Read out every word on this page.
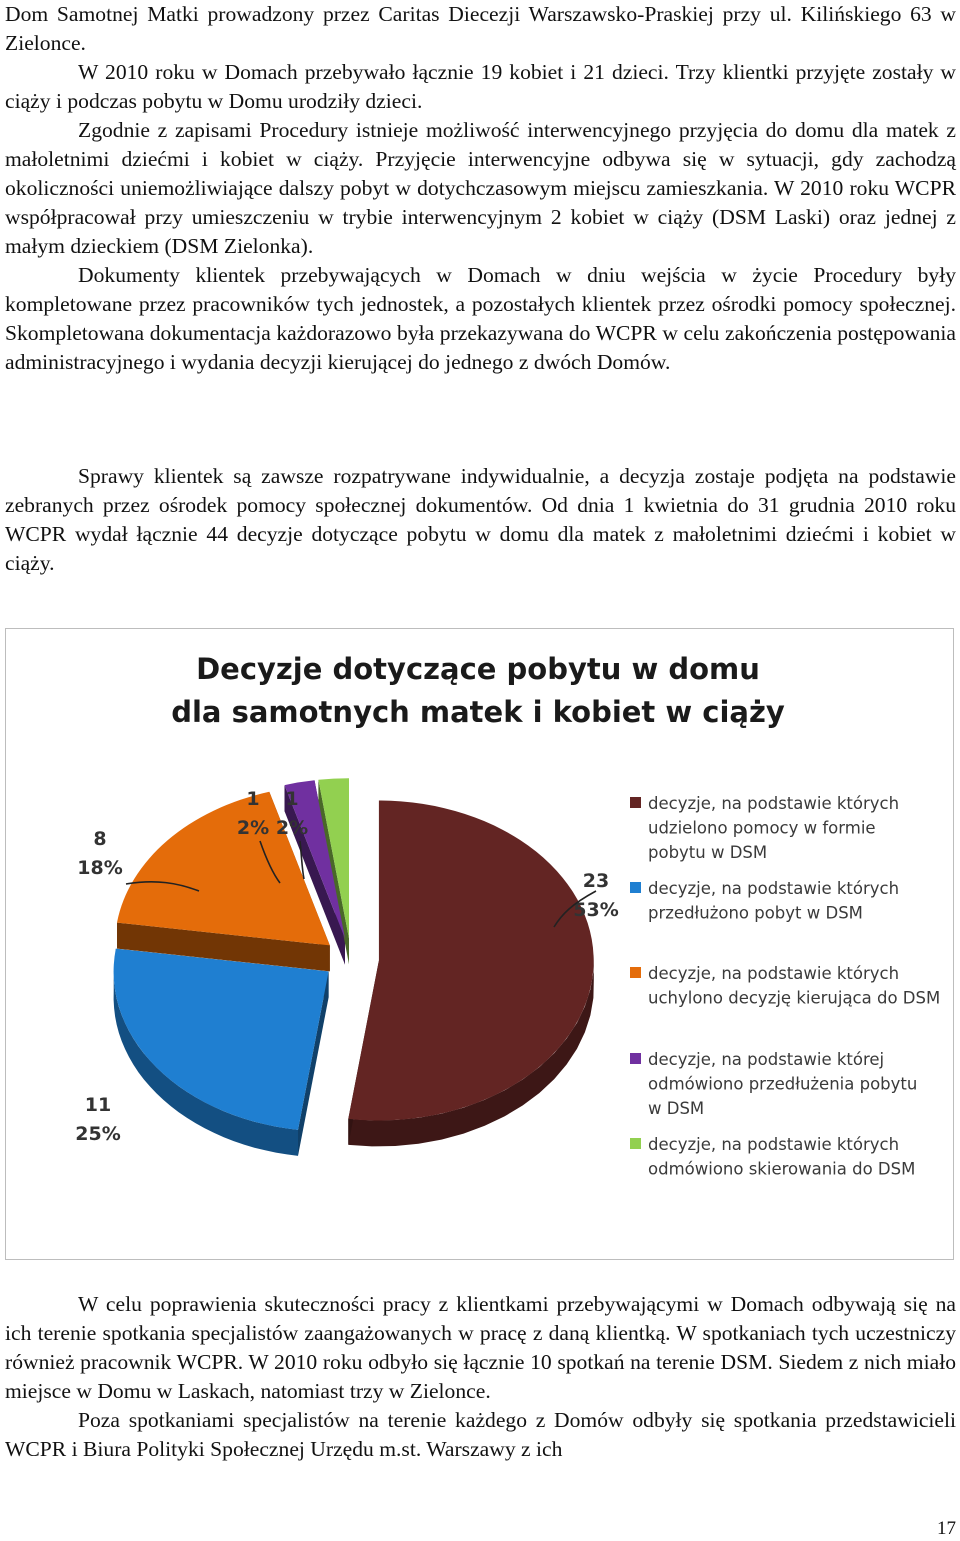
Dom Samotnej Matki prowadzony przez Caritas Diecezji Warszawsko-Praskiej przy ul. Kilińskiego 63 w Zielonce.

W 2010 roku w Domach przebywało łącznie 19 kobiet i 21 dzieci. Trzy klientki przyjęte zostały w ciąży i podczas pobytu w Domu urodziły dzieci.

Zgodnie z zapisami Procedury istnieje możliwość interwencyjnego przyjęcia do domu dla matek z małoletnimi dziećmi i kobiet w ciąży. Przyjęcie interwencyjne odbywa się w sytuacji, gdy zachodzą okoliczności uniemożliwiające dalszy pobyt w dotychczasowym miejscu zamieszkania. W 2010 roku WCPR współpracował przy umieszczeniu w trybie interwencyjnym 2 kobiet w ciąży (DSM Laski) oraz jednej z małym dzieckiem (DSM Zielonka).

Dokumenty klientek przebywających w Domach w dniu wejścia w życie Procedury były kompletowane przez pracowników tych jednostek, a pozostałych klientek przez ośrodki pomocy społecznej. Skompletowana dokumentacja każdorazowo była przekazywana do WCPR w celu zakończenia postępowania administracyjnego i wydania decyzji kierującej do jednego z dwóch Domów.

Sprawy klientek są zawsze rozpatrywane indywidualnie, a decyzja zostaje podjęta na podstawie zebranych przez ośrodek pomocy społecznej dokumentów. Od dnia 1 kwietnia do 31 grudnia 2010 roku WCPR wydał łącznie 44 decyzje dotyczące pobytu w domu dla matek z małoletnimi dziećmi i kobiet w ciąży.

W celu poprawienia skuteczności pracy z klientkami przebywającymi w Domach odbywają się na ich terenie spotkania specjalistów zaangażowanych w pracę z daną klientką. W spotkaniach tych uczestniczy również pracownik WCPR. W 2010 roku odbyło się łącznie 10 spotkań na terenie DSM. Siedem z nich miało miejsce w Domu w Laskach, natomiast trzy w Zielonce.

Poza spotkaniami specjalistów na terenie każdego z Domów odbyły się spotkania przedstawicieli WCPR i Biura Polityki Społecznej Urzędu m.st. Warszawy z ich

Decyzje dotyczące pobytu w domu
dla samotnych matek i kobiet w ciąży
23
53%
11
25%
8
18%
1
2%
1
2%
decyzje, na podstawie których
udzielono pomocy w formie
pobytu w DSM
decyzje, na podstawie których
przedłużono pobyt w DSM
decyzje, na podstawie których
uchylono decyzję kierująca do DSM
decyzje, na podstawie której
odmówiono przedłużenia pobytu
w DSM
decyzje, na podstawie których
odmówiono skierowania do DSM
17
